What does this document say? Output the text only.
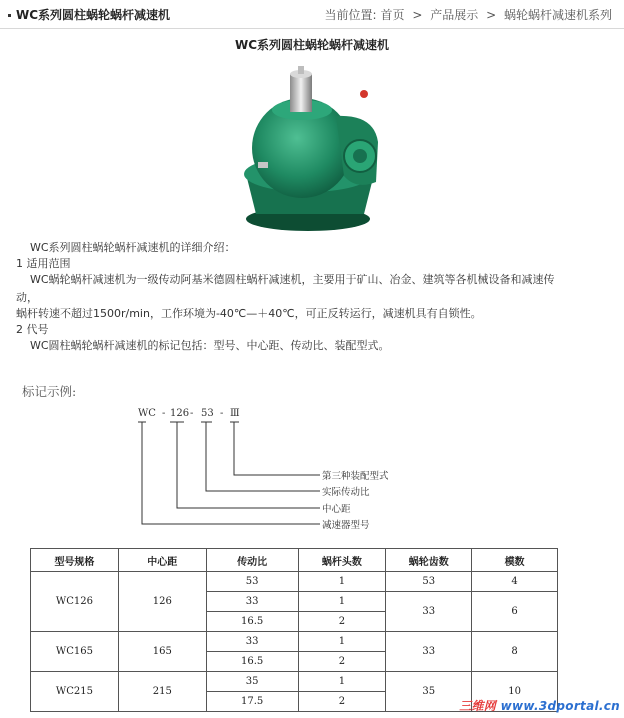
WC系列圆柱蜗轮蜗杆减速机	当前位置: 首页 > 产品展示 > 蜗轮蜗杆减速机系列
WC系列圆柱蜗轮蜗杆减速机
WC系列圆柱蜗轮蜗杆减速机的详细介绍：
1 适用范围
WC蜗轮蜗杆减速机为一级传动阿基米德圆柱蜗杆减速机，主要用于矿山、冶金、建筑等各机械设备和减速传
动，
蜗杆转速不超过1500r/min，工作环境为-40℃—＋40℃，可正反转运行，减速机具有自锁性。
2 代号
WC圆柱蜗轮蜗杆减速机的标记包括：型号、中心距、传动比、装配型式。
标记示例:
WC - 126 - 53 - Ⅲ
第三种装配型式
实际传动比
中心距
减速器型号
型号规格	中心距	传动比	蜗杆头数	蜗轮齿数	模数
WC126	126	53	1	53	4
		33	1	33	6
		16.5	2		
WC165	165	33	1	33	8
		16.5	2		
WC215	215	35	1	35	10
		17.5	2			三维网 www.3dportal.cn
